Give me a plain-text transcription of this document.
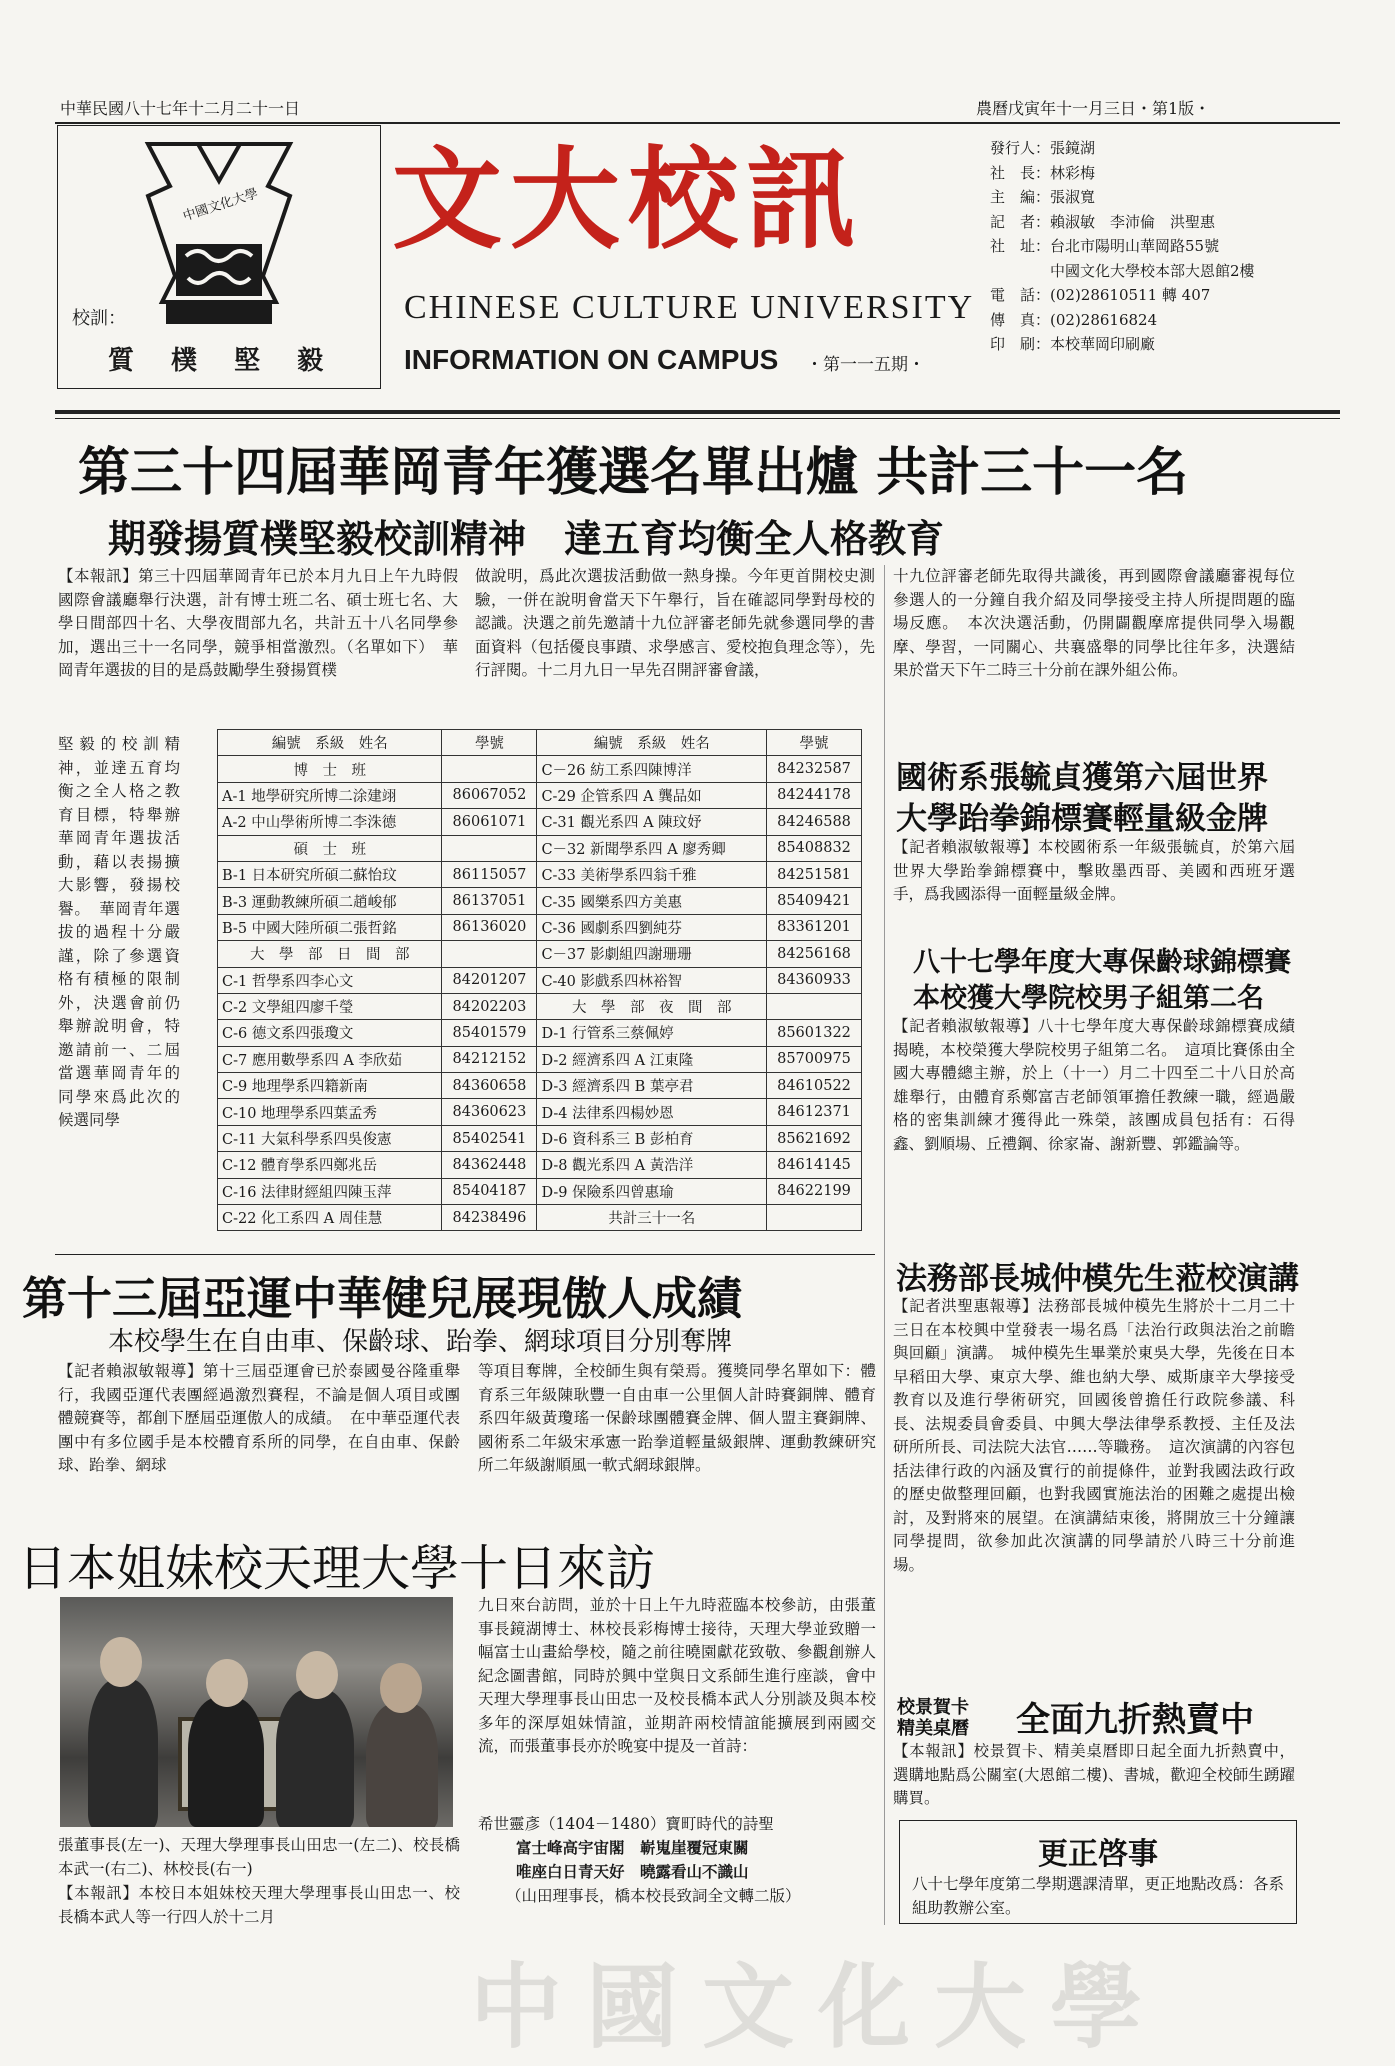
中華民國八十七年十二月二十一日	農曆戊寅年十一月三日・第1版・
中國文化大學
校訓：
質 樸 堅 毅
文大校訊
CHINESE CULTURE UNIVERSITY
INFORMATION ON CAMPUS ・第一一五期・
發行人：張鏡湖
社　長：林彩梅
主　編：張淑寬
記　者：賴淑敏　李沛倫　洪聖惠
社　址：台北市陽明山華岡路55號
　　　　中國文化大學校本部大恩館2樓
電　話：(02)28610511 轉 407
傳　真：(02)28616824
印　刷：本校華岡印刷廠
第三十四屆華岡青年獲選名單出爐 共計三十一名
期發揚質樸堅毅校訓精神　達五育均衡全人格教育
【本報訊】第三十四屆華岡青年已於本月九日上午九時假國際會議廳舉行決選，計有博士班二名、碩士班七名、大學日間部四十名、大學夜間部九名，共計五十八名同學參加，選出三十一名同學，競爭相當激烈。（名單如下）　華岡青年選拔的目的是爲鼓勵學生發揚質樸
堅毅的校訓精神，並達五育均衡之全人格之教育目標，特舉辦華岡青年選拔活動，藉以表揚擴大影響，發揚校譽。　華岡青年選拔的過程十分嚴謹，除了參選資格有積極的限制外，決選會前仍舉辦說明會，特邀請前一、二屆當選華岡青年的同學來爲此次的候選同學
做說明，爲此次選拔活動做一熱身操。今年更首開校史測驗，一併在說明會當天下午舉行，旨在確認同學對母校的認識。決選之前先邀請十九位評審老師先就參選同學的書面資料（包括優良事蹟、求學感言、愛校抱負理念等），先行評閱。十二月九日一早先召開評審會議，
十九位評審老師先取得共識後，再到國際會議廳審視每位參選人的一分鐘自我介紹及同學接受主持人所提問題的臨場反應。　本次決選活動，仍開闢觀摩席提供同學入場觀摩、學習，一同關心、共襄盛舉的同學比往年多，決選結果於當天下午二時三十分前在課外組公佈。
編號　系級　姓名	學號	編號　系級　姓名	學號
博　士　班		C－26 紡工系四陳博洋	84232587
A-1 地學研究所博二涂建翊	86067052	C-29 企管系四 A 龔品如	84244178
A-2 中山學術所博二李洙德	86061071	C-31 觀光系四 A 陳玟妤	84246588
碩　士　班		C－32 新聞學系四 A 廖秀卿	85408832
B-1 日本研究所碩二蘇怡玟	86115057	C-33 美術學系四翁千雅	84251581
B-3 運動教練所碩二趙峻郁	86137051	C-35 國樂系四方美惠	85409421
B-5 中國大陸所碩二張哲銘	86136020	C-36 國劇系四劉純芬	83361201
大　學　部　日　間　部		C－37 影劇組四謝珊珊	84256168
C-1 哲學系四李心文	84201207	C-40 影戲系四林裕智	84360933
C-2 文學組四廖千瑩	84202203	大　學　部　夜　間　部	
C-6 德文系四張瓊文	85401579	D-1 行管系三蔡佩婷	85601322
C-7 應用數學系四 A 李欣茹	84212152	D-2 經濟系四 A 江東隆	85700975
C-9 地理學系四籍新南	84360658	D-3 經濟系四 B 葉亭君	84610522
C-10 地理學系四葉孟秀	84360623	D-4 法律系四楊妙恩	84612371
C-11 大氣科學系四吳俊憲	85402541	D-6 資科系三 B 彭柏育	85621692
C-12 體育學系四鄭兆岳	84362448	D-8 觀光系四 A 黃浩洋	84614145
C-16 法律財經組四陳玉萍	85404187	D-9 保險系四曾惠瑜	84622199
C-22 化工系四 A 周佳慧	84238496	共計三十一名	
國術系張毓貞獲第六屆世界
大學跆拳錦標賽輕量級金牌
【記者賴淑敏報導】本校國術系一年級張毓貞，於第六屆世界大學跆拳錦標賽中，擊敗墨西哥、美國和西班牙選手，爲我國添得一面輕量級金牌。
八十七學年度大專保齡球錦標賽
本校獲大學院校男子組第二名
【記者賴淑敏報導】八十七學年度大專保齡球錦標賽成績揭曉，本校榮獲大學院校男子組第二名。　這項比賽係由全國大專體總主辦，於上（十一）月二十四至二十八日於高雄舉行，由體育系鄭富吉老師領軍擔任教練一職，經過嚴格的密集訓練才獲得此一殊榮，該團成員包括有：石得鑫、劉順場、丘禮鋼、徐家崙、謝新豐、郭鑑論等。
法務部長城仲模先生蒞校演講
【記者洪聖惠報導】法務部長城仲模先生將於十二月二十三日在本校興中堂發表一場名爲「法治行政與法治之前瞻與回顧」演講。　城仲模先生畢業於東吳大學，先後在日本早稻田大學、東京大學、維也納大學、威斯康辛大學接受教育以及進行學術研究，回國後曾擔任行政院參議、科長、法規委員會委員、中興大學法律學系教授、主任及法研所所長、司法院大法官……等職務。　這次演講的內容包括法律行政的內涵及實行的前提條件，並對我國法政行政的歷史做整理回顧，也對我國實施法治的困難之處提出檢討，及對將來的展望。在演講結束後，將開放三十分鐘讓同學提問，欲參加此次演講的同學請於八時三十分前進場。
校景賀卡
精美桌曆 全面九折熱賣中
【本報訊】校景賀卡、精美桌曆即日起全面九折熱賣中，選購地點爲公關室(大恩館二樓)、書城，歡迎全校師生踴躍購買。
更正啓事
八十七學年度第二學期選課清單，更正地點改爲：各系組助教辦公室。
第十三屆亞運中華健兒展現傲人成績
本校學生在自由車、保齡球、跆拳、網球項目分別奪牌
【記者賴淑敏報導】第十三屆亞運會已於泰國曼谷隆重舉行，我國亞運代表團經過激烈賽程，不論是個人項目或團體競賽等，都創下歷屆亞運傲人的成績。　在中華亞運代表團中有多位國手是本校體育系所的同學，在自由車、保齡球、跆拳、網球
等項目奪牌，全校師生與有榮焉。獲獎同學名單如下：體育系三年級陳耿豐一自由車一公里個人計時賽銅牌、體育系四年級黃瓊瑤一保齡球團體賽金牌、個人盟主賽銅牌、國術系二年級宋承憲一跆拳道輕量級銀牌、運動教練研究所二年級謝順風一軟式網球銀牌。
日本姐妹校天理大學十日來訪
張董事長(左一)、天理大學理事長山田忠一(左二)、校長橋本武一(右二)、林校長(右一)
【本報訊】本校日本姐妹校天理大學理事長山田忠一、校長橋本武人等一行四人於十二月
九日來台訪問，並於十日上午九時蒞臨本校參訪，由張董事長鏡湖博士、林校長彩梅博士接待，天理大學並致贈一幅富士山畫給學校，隨之前往曉園獻花致敬、參觀創辦人紀念圖書館，同時於興中堂與日文系師生進行座談，會中天理大學理事長山田忠一及校長橋本武人分別談及與本校多年的深厚姐妹情誼，並期許兩校情誼能擴展到兩國交流，而張董事長亦於晚宴中提及一首詩：
希世靈彥（1404－1480）寶町時代的詩聖
富士峰高宇宙閣　嶄嵬崖覆冠東關
唯座白日青天好　曉露看山不識山
（山田理事長，橋本校長致詞全文轉二版）
中國文化大學
